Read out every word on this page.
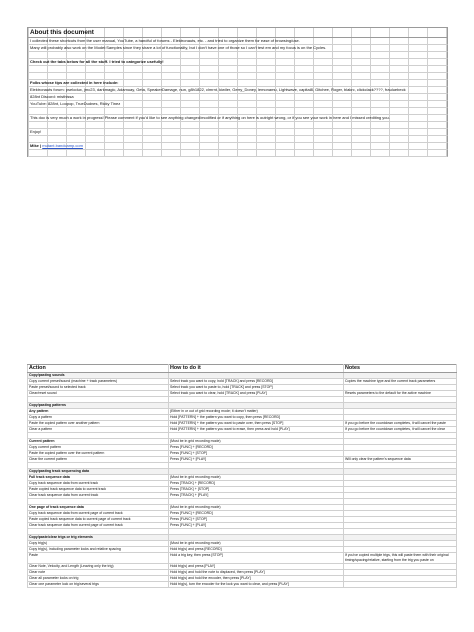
About this document
I collected these shortcuts from the user manual, YouTube, a handful of forums - Elektronauts, etc. - and tried to organize them for ease of browsing/use.
Many will probably also work on the Model:Samples since they share a lot of functionality, but I don't have one of those so I can't test em and my focus is on the Cycles.
Check out the tabs below for all the stuff. I tried to categorize usefully!
Folks whose tips are collected in here include:
Elektronauts forum: pselodux, jmc23, darkmagic, Adamuay, Geta, SpeakerDamage, nun, g8h1822, clmrnt, kiwiler, Gerry_Doney, lemonamu, Lightwave, capital8, Gitchee, Roger, blakrc, clickclack????, frauluebeck
828nt Discord: misthissa
YouTube: 828nt, Loopop, TrueDudnes, Ricky Tinez
This doc is very much a work in progress! Please comment if you'd like to see anything changed/modified or if anything on here is outright wrong, or if you see your work in here and I missed crediting you.
Enjoy!
Mike | mutant.bandcamp.com
Action	How to do it	Notes
Copy/pasting sounds		
Copy current preset/sound (machine + track parameters)	Select track you want to copy, hold [TRACK] and press [RECORD]	Copies the machine type and the current track parameters
Paste preset/sound to selected track	Select track you want to paste to, hold [TRACK] and press [STOP]	
Clear/reset sound	Select track you want to clear, hold [TRACK] and press [PLAY]	Resets parameters to the default for the active machine

Copy/pasting patterns		
Any pattern	(Either in or out of grid recording mode; it doesn't matter)	
Copy a pattern	Hold [PATTERN] + the pattern you want to copy, then press [RECORD]	
Paste the copied pattern over another pattern	Hold [PATTERN] + the pattern you want to paste over, then press [STOP]	If you go before the countdown completes, it will cancel the paste
Clear a pattern	Hold [PATTERN] + the pattern you want to erase, then press and hold [PLAY]	If you go before the countdown completes, it will cancel the clear

Current pattern	(Must be in grid recording mode)	
Copy current pattern	Press [FUNC] + [RECORD]	
Paste the copied pattern over the current pattern	Press [FUNC] + [STOP]	
Clear the current pattern	Press [FUNC] + [PLAY]	Will only clear the pattern's sequence data

Copy/pasting track sequencing data		
Full track sequence data	(Must be in grid recording mode)	
Copy track sequence data from current track	Press [TRACK] + [RECORD]	
Paste copied track sequence data to current track	Press [TRACK] + [STOP]	
Clear track sequence data from current track	Press [TRACK] + [PLAY]	

One page of track sequence data	(Must be in grid recording mode)	
Copy track sequence data from current page of current track	Press [FUNC] + [RECORD]	
Paste copied track sequence data to current page of current track	Press [FUNC] + [STOP]	
Clear track sequence data from current page of current track	Press [FUNC] + [PLAY]	

Copy/paste/clear trigs or trig elements		
Copy trig(s)	(Must be in grid recording mode)	
Copy trig(s), including parameter locks and relative spacing	Hold trig(s) and press [RECORD]	
Paste	Hold a trig key, then press [STOP]	If you've copied multiple trigs, this will paste them with their original timing/spacing/relative, starting from the trig you paste on
Clear Note, Velocity, and Length (Leaving only the trig)	Hold trig(s) and press [PLAY]	
Clear note	Hold trig(s) and hold the note to displaced, then press [PLAY]	
Clear all parameter locks on trig	Hold trig(s) and hold the encoder, then press [PLAY]	
Clear one parameter lock on trig/several trigs	Hold trig(s), turn the encoder for the lock you want to clear, and press [PLAY]	
